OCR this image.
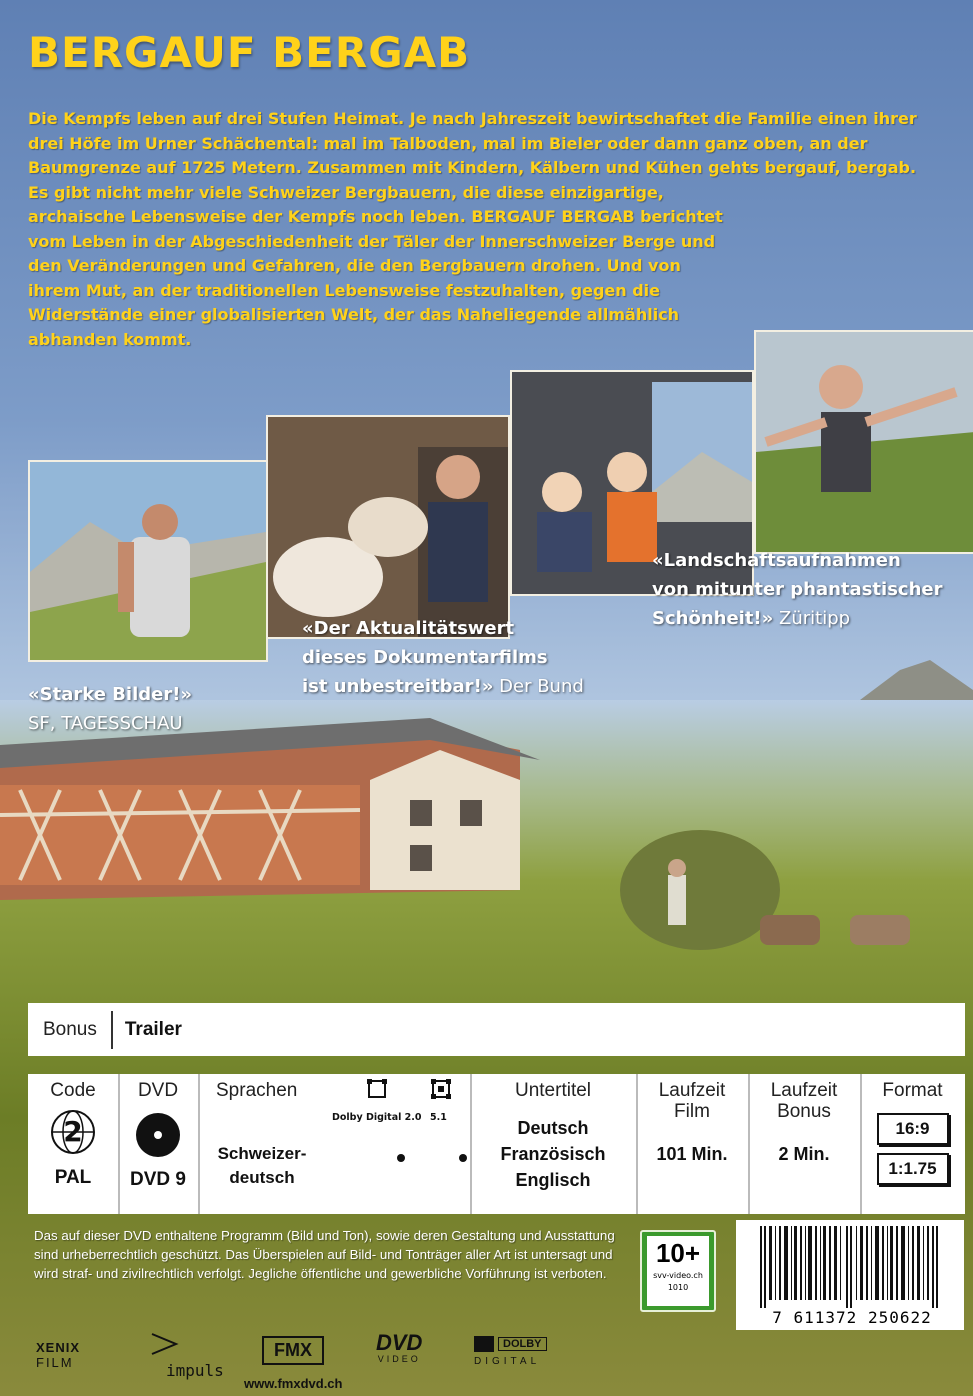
BERGAUF BERGAB

Die Kempfs leben auf drei Stufen Heimat. Je nach Jahreszeit bewirtschaftet die Familie einen ihrer drei Höfe im Urner Schächental: mal im Talboden, mal im Bieler oder dann ganz oben, an der Baumgrenze auf 1725 Metern. Zusammen mit Kindern, Kälbern und Kühen gehts bergauf, bergab.

Es gibt nicht mehr viele Schweizer Bergbauern, die diese einzigartige, archaische Lebensweise der Kempfs noch leben. BERGAUF BERGAB berichtet vom Leben in der Abgeschiedenheit der Täler der Innerschweizer Berge und den Veränderungen und Gefahren, die den Bergbauern drohen. Und von ihrem Mut, an der traditionellen Lebensweise festzuhalten, gegen die Widerstände einer globalisierten Welt, der das Naheliegende allmählich abhanden kommt.

«Starke Bilder!»
SF, TAGESSCHAU
«Der Aktualitätswert
dieses Dokumentarfilms
ist unbestreitbar!» Der Bund
«Landschaftsaufnahmen
von mitunter phantastischer
Schönheit!» Züritipp
Bonus	Trailer
Code
2
PAL
DVD
DVD 9
Sprachen
Dolby Digital 2.0 5.1
Schweizer-
deutsch
Untertitel
Deutsch
Französisch
Englisch
Laufzeit
Film
101 Min.
Laufzeit
Bonus
2 Min.
Format
16:9
1:1.75

Das auf dieser DVD enthaltene Programm (Bild und Ton), sowie deren Gestaltung und Ausstattung sind urheberrechtlich geschützt. Das Überspielen auf Bild- und Tonträger aller Art ist untersagt und wird straf- und zivilrechtlich verfolgt. Jegliche öffentliche und gewerbliche Vorführung ist verboten.

10+
svv-video.ch
1010
7 611372 250622
XENIX
FILM	impuls
FMX
www.fmxdvd.ch
DVD
VIDEO
DOLBY
DIGITAL
